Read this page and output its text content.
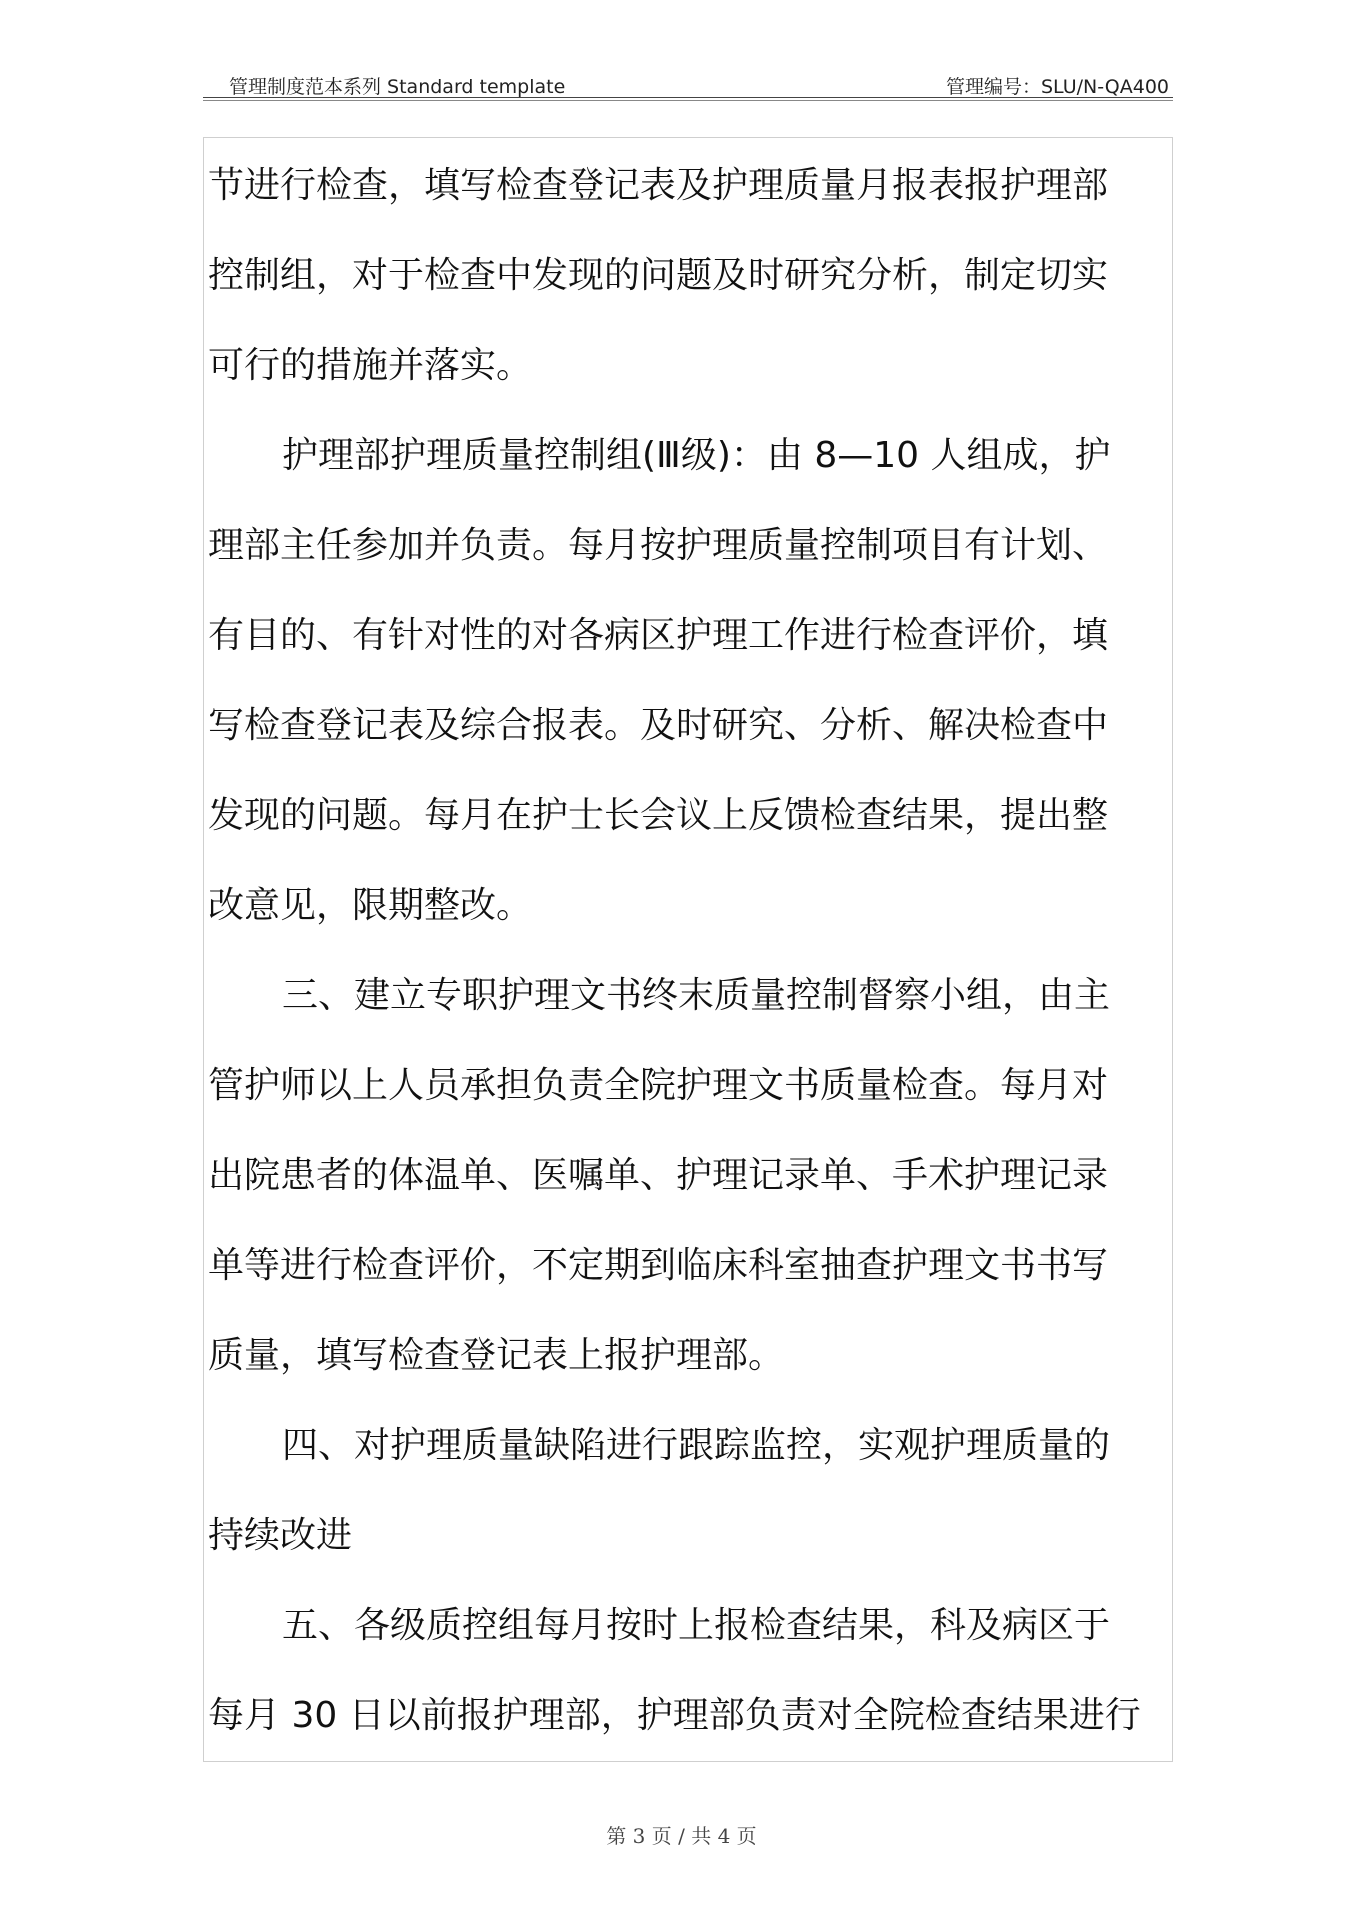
管理制度范本系列 Standard template	管理编号：SLU/N-QA400
节进行检查，填写检查登记表及护理质量月报表报护理部
控制组，对于检查中发现的问题及时研究分析，制定切实
可行的措施并落实。
护理部护理质量控制组(Ⅲ级)：由 8—10 人组成，护
理部主任参加并负责。每月按护理质量控制项目有计划、
有目的、有针对性的对各病区护理工作进行检查评价，填
写检查登记表及综合报表。及时研究、分析、解决检查中
发现的问题。每月在护士长会议上反馈检查结果，提出整
改意见，限期整改。
三、建立专职护理文书终末质量控制督察小组，由主
管护师以上人员承担负责全院护理文书质量检查。每月对
出院患者的体温单、医嘱单、护理记录单、手术护理记录
单等进行检查评价，不定期到临床科室抽查护理文书书写
质量，填写检查登记表上报护理部。
四、对护理质量缺陷进行跟踪监控，实观护理质量的
持续改进
五、各级质控组每月按时上报检查结果，科及病区于
每月 30 日以前报护理部，护理部负责对全院检查结果进行
第 3 页 / 共 4 页
